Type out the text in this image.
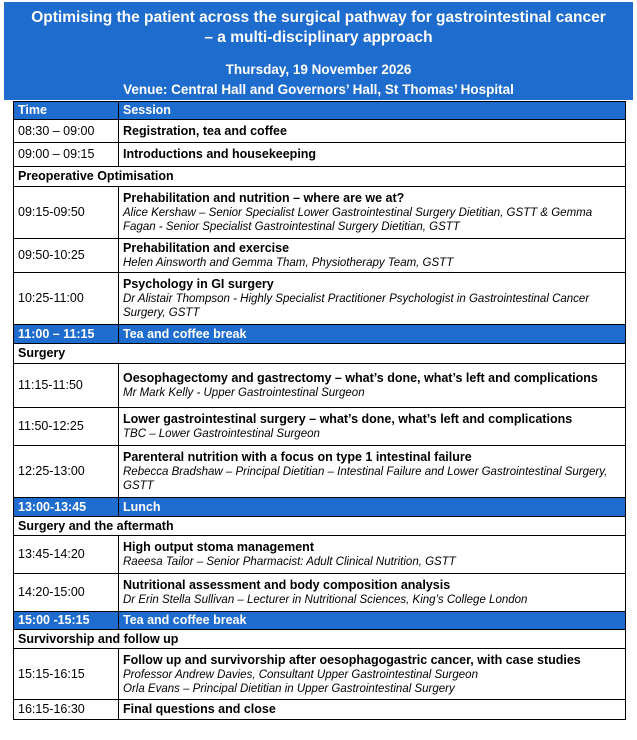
Optimising the patient across the surgical pathway for gastrointestinal cancer
– a multi-disciplinary approach
Thursday, 19 November 2026
Venue: Central Hall and Governors’ Hall, St Thomas’ Hospital
Time	Session
08:30 – 09:00	Registration, tea and coffee

09:00 – 09:15	Introductions and housekeeping

Preoperative Optimisation	
09:15-09:50	Prehabilitation and nutrition – where are we at?
Alice Kershaw – Senior Specialist Lower Gastrointestinal Surgery Dietitian, GSTT & Gemma Fagan - Senior Specialist Gastrointestinal Surgery Dietitian, GSTT

09:50-10:25	Prehabilitation and exercise
Helen Ainsworth and Gemma Tham, Physiotherapy Team, GSTT

10:25-11:00	Psychology in GI surgery
Dr Alistair Thompson - Highly Specialist Practitioner Psychologist in Gastrointestinal Cancer Surgery, GSTT

11:00 – 11:15	Tea and coffee break
Surgery	
11:15-11:50	Oesophagectomy and gastrectomy – what’s done, what’s left and complications
Mr Mark Kelly - Upper Gastrointestinal Surgeon

11:50-12:25	Lower gastrointestinal surgery – what’s done, what’s left and complications
TBC – Lower Gastrointestinal Surgeon

12:25-13:00	Parenteral nutrition with a focus on type 1 intestinal failure
Rebecca Bradshaw – Principal Dietitian – Intestinal Failure and Lower Gastrointestinal Surgery, GSTT

13:00-13:45	Lunch
Surgery and the aftermath	
13:45-14:20	High output stoma management
Raeesa Tailor – Senior Pharmacist: Adult Clinical Nutrition, GSTT

14:20-15:00	Nutritional assessment and body composition analysis
Dr Erin Stella Sullivan – Lecturer in Nutritional Sciences, King’s College London

15:00 -15:15	Tea and coffee break
Survivorship and follow up	
15:15-16:15	Follow up and survivorship after oesophagogastric cancer, with case studies
Professor Andrew Davies, Consultant Upper Gastrointestinal Surgeon
Orla Evans – Principal Dietitian in Upper Gastrointestinal Surgery

16:15-16:30	Final questions and close
